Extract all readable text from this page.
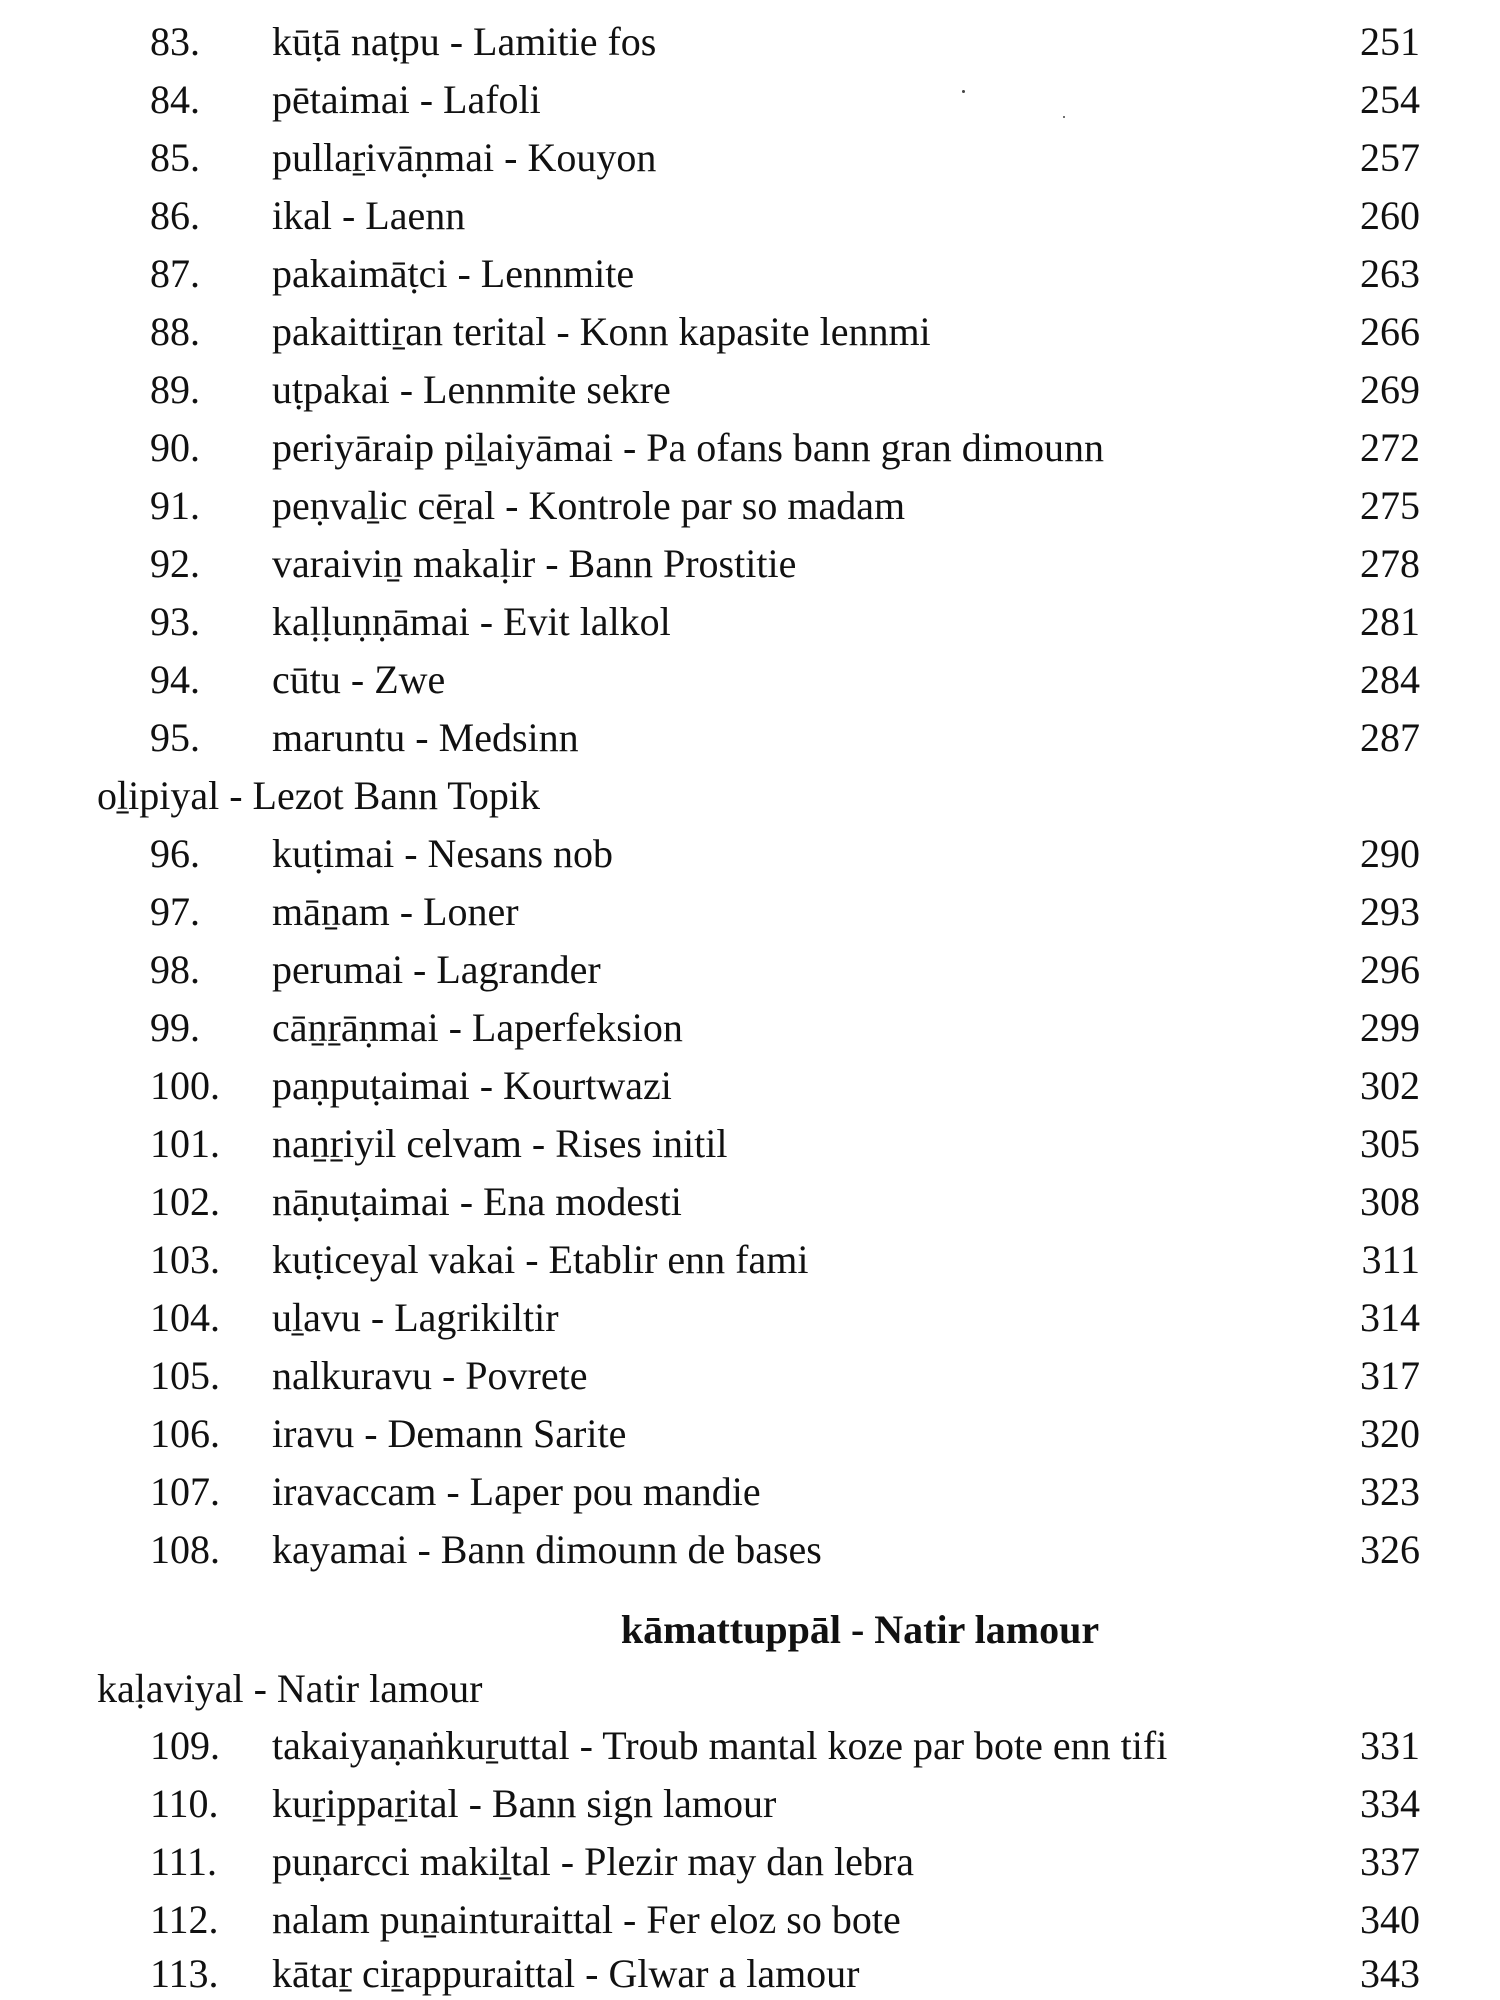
83.	kūṭā naṭpu - Lamitie fos	251
84.	pētaimai - Lafoli	254
85.	pullaṟivāṇmai - Kouyon	257
86.	ikal - Laenn	260
87.	pakaimāṭci - Lennmite	263
88.	pakaittiṟan terital - Konn kapasite lennmi	266
89.	uṭpakai - Lennmite sekre	269
90.	periyāraip piḻaiyāmai - Pa ofans bann gran dimounn	272
91.	peṇvaḻic cēṟal - Kontrole par so madam	275
92.	varaiviṉ makaḷir - Bann Prostitie	278
93.	kaḷḷuṇṇāmai - Evit lalkol	281
94.	cūtu - Zwe	284
95.	maruntu - Medsinn	287
oḻipiyal - Lezot Bann Topik
96.	kuṭimai - Nesans nob	290
97.	māṉam - Loner	293
98.	perumai - Lagrander	296
99.	cāṉṟāṇmai - Laperfeksion	299
100.	paṇpuṭaimai - Kourtwazi	302
101.	naṉṟiyil celvam - Rises initil	305
102.	nāṇuṭaimai - Ena modesti	308
103.	kuṭiceyal vakai - Etablir enn fami	311
104.	uḻavu - Lagrikiltir	314
105.	nalkuravu - Povrete	317
106.	iravu - Demann Sarite	320
107.	iravaccam - Laper pou mandie	323
108.	kayamai - Bann dimounn de bases	326
kāmattuppāl - Natir lamour
kaḷaviyal - Natir lamour
109.	takaiyaṇaṅkuṟuttal - Troub mantal koze par bote enn tifi	331
110.	kuṟippaṟital - Bann sign lamour	334
111.	puṇarcci makiḻtal - Plezir may dan lebra	337
112.	nalam puṉainturaittal - Fer eloz so bote	340
113.	kātaṟ ciṟappuraittal - Glwar a lamour	343
